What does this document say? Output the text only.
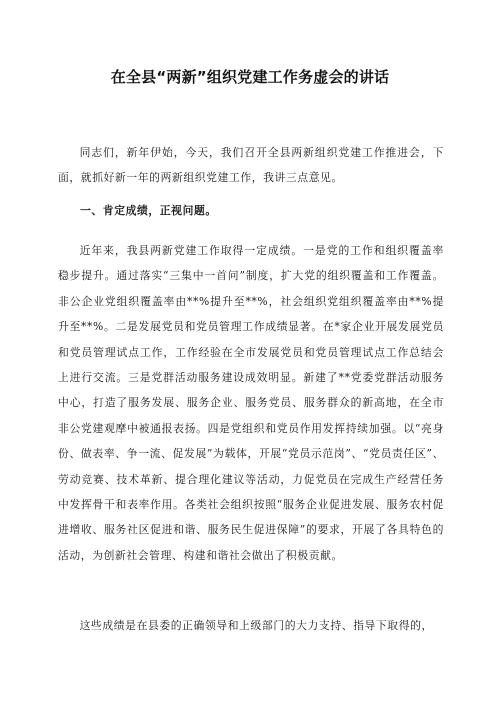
在全县“两新”组织党建工作务虚会的讲话

同志们，新年伊始，今天，我们召开全县两新组织党建工作推进会，下面，就抓好新一年的两新组织党建工作，我讲三点意见。

一、肯定成绩，正视问题。

近年来，我县两新党建工作取得一定成绩。一是党的工作和组织覆盖率稳步提升。通过落实“三集中一首问”制度，扩大党的组织覆盖和工作覆盖。非公企业党组织覆盖率由**%提升至**%，社会组织党组织覆盖率由**%提升至**%。二是发展党员和党员管理工作成绩显著。在*家企业开展发展党员和党员管理试点工作，工作经验在全市发展党员和党员管理试点工作总结会上进行交流。三是党群活动服务建设成效明显。新建了**党委党群活动服务中心，打造了服务发展、服务企业、服务党员、服务群众的新高地，在全市非公党建观摩中被通报表扬。四是党组织和党员作用发挥持续加强。以“亮身份、做表率、争一流、促发展”为载体，开展“党员示范岗”、“党员责任区”、劳动竞赛、技术革新、提合理化建议等活动，力促党员在完成生产经营任务中发挥骨干和表率作用。各类社会组织按照“服务企业促进发展、服务农村促进增收、服务社区促进和谐、服务民生促进保障”的要求，开展了各具特色的活动，为创新社会管理、构建和谐社会做出了积极贡献。

这些成绩是在县委的正确领导和上级部门的大力支持、指导下取得的，
